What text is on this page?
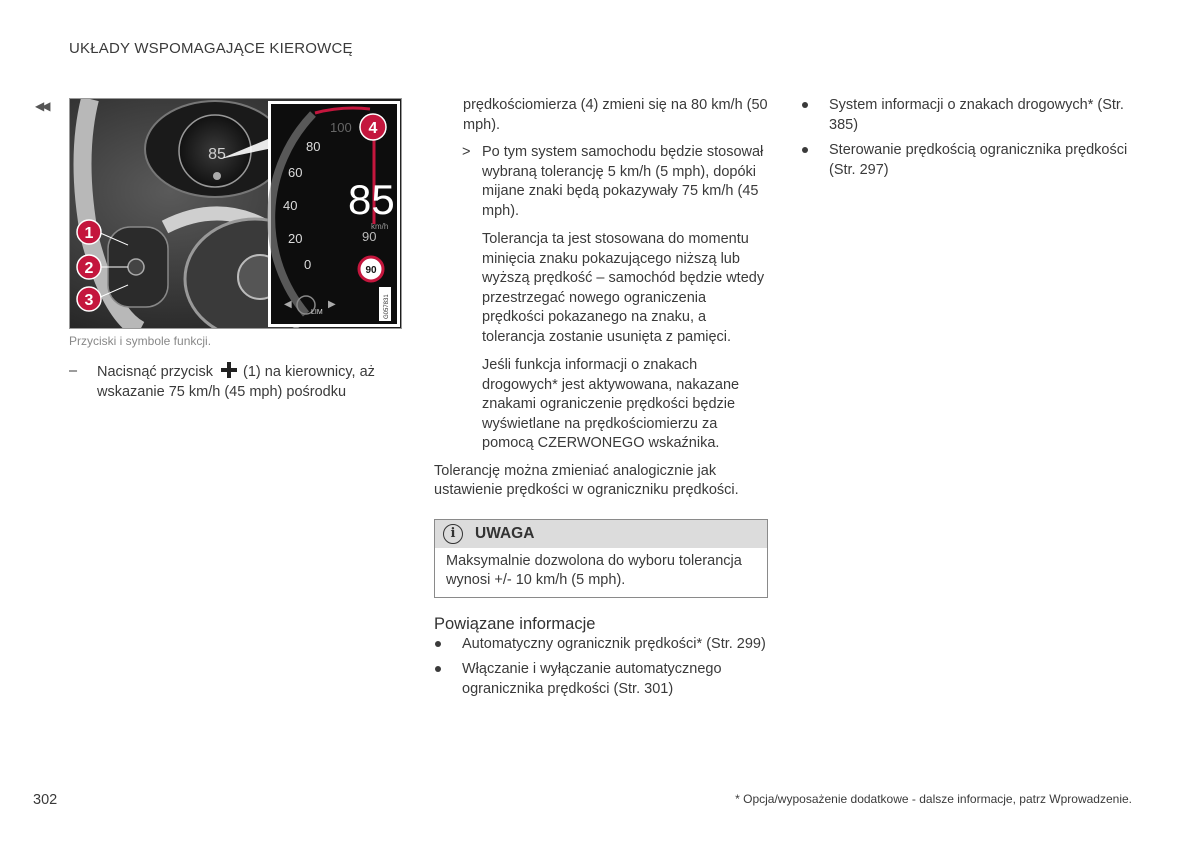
UKŁADY WSPOMAGAJĄCE KIEROWCĘ
◀◀
85
1
2
3
100
80
60
40
20
0
85
km/h
90
90
4
◀
LIM
▶	G057831
Przyciski i symbole funkcji.
–	Nacisnąć przycisk (1) na kierownicy, aż wskazanie 75 km/h (45 mph) pośrodku

prędkościomierza (4) zmieni się na 80 km/h (50 mph).

> Po tym system samochodu będzie stosował wybraną tolerancję 5 km/h (5 mph), dopóki mijane znaki będą pokazywały 75 km/h (45 mph).

Tolerancja ta jest stosowana do momentu minięcia znaku pokazującego niższą lub wyższą prędkość – samochód będzie wtedy przestrzegać nowego ograniczenia prędkości pokazanego na znaku, a tolerancja zostanie usunięta z pamięci.

Jeśli funkcja informacji o znakach drogowych* jest aktywowana, nakazane znakami ograniczenie prędkości będzie wyświetlane na prędkościomierzu za pomocą CZERWONEGO wskaźnika.

Tolerancję można zmieniać analogicznie jak ustawienie prędkości w ograniczniku prędkości.

i	UWAGA
Maksymalnie dozwolona do wyboru tolerancja wynosi +/- 10 km/h (5 mph).

Powiązane informacje

Automatyczny ogranicznik prędkości* (Str. 299)
Włączanie i wyłączanie automatycznego ogranicznika prędkości (Str. 301)
System informacji o znakach drogowych* (Str. 385)
Sterowanie prędkością ogranicznika prędkości (Str. 297)
302	* Opcja/wyposażenie dodatkowe - dalsze informacje, patrz Wprowadzenie.
